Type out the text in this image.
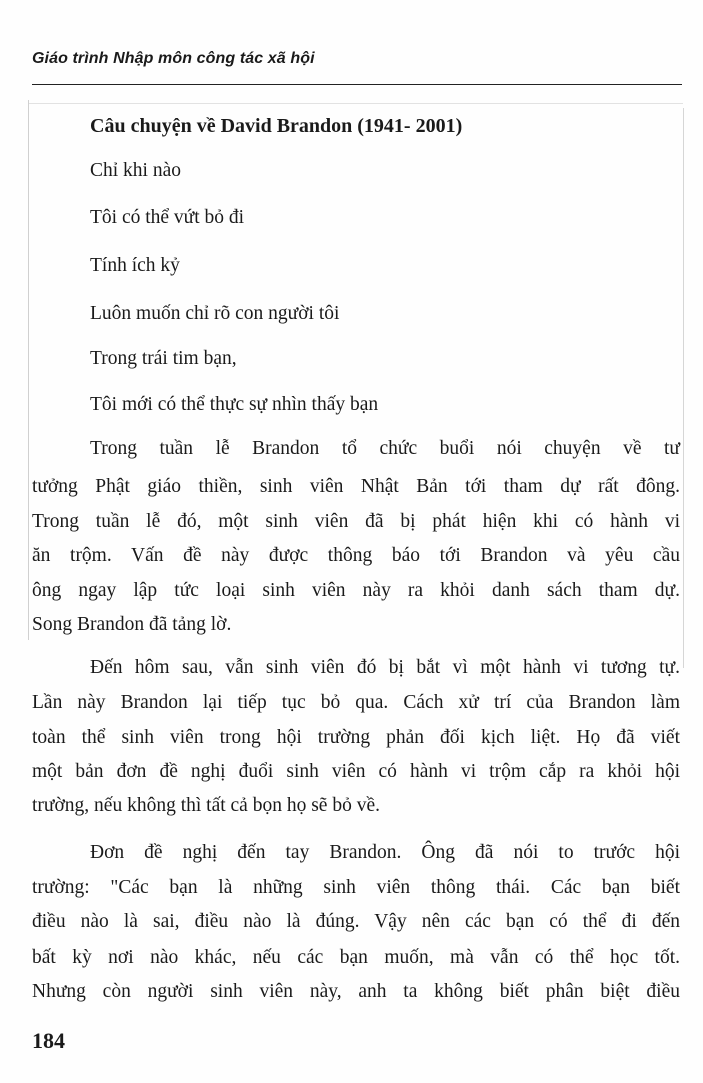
Giáo trình Nhập môn công tác xã hội
Câu chuyện về David Brandon (1941- 2001)
Chỉ khi nào
Tôi có thể vứt bỏ đi
Tính ích kỷ
Luôn muốn chỉ rõ con người tôi
Trong trái tim bạn,
Tôi mới có thể thực sự nhìn thấy bạn
Trong tuần lễ Brandon tổ chức buổi nói chuyện về tư
tưởng Phật giáo thiền, sinh viên Nhật Bản tới tham dự rất đông.
Trong tuần lễ đó, một sinh viên đã bị phát hiện khi có hành vi
ăn trộm. Vấn đề này được thông báo tới Brandon và yêu cầu
ông ngay lập tức loại sinh viên này ra khỏi danh sách tham dự.
Song Brandon đã tảng lờ.
Đến hôm sau, vẫn sinh viên đó bị bắt vì một hành vi tương tự.
Lần này Brandon lại tiếp tục bỏ qua. Cách xử trí của Brandon làm
toàn thể sinh viên trong hội trường phản đối kịch liệt. Họ đã viết
một bản đơn đề nghị đuổi sinh viên có hành vi trộm cắp ra khỏi hội
trường, nếu không thì tất cả bọn họ sẽ bỏ về.
Đơn đề nghị đến tay Brandon. Ông đã nói to trước hội
trường: "Các bạn là những sinh viên thông thái. Các bạn biết
điều nào là sai, điều nào là đúng. Vậy nên các bạn có thể đi đến
bất kỳ nơi nào khác, nếu các bạn muốn, mà vẫn có thể học tốt.
Nhưng còn người sinh viên này, anh ta không biết phân biệt điều
184
